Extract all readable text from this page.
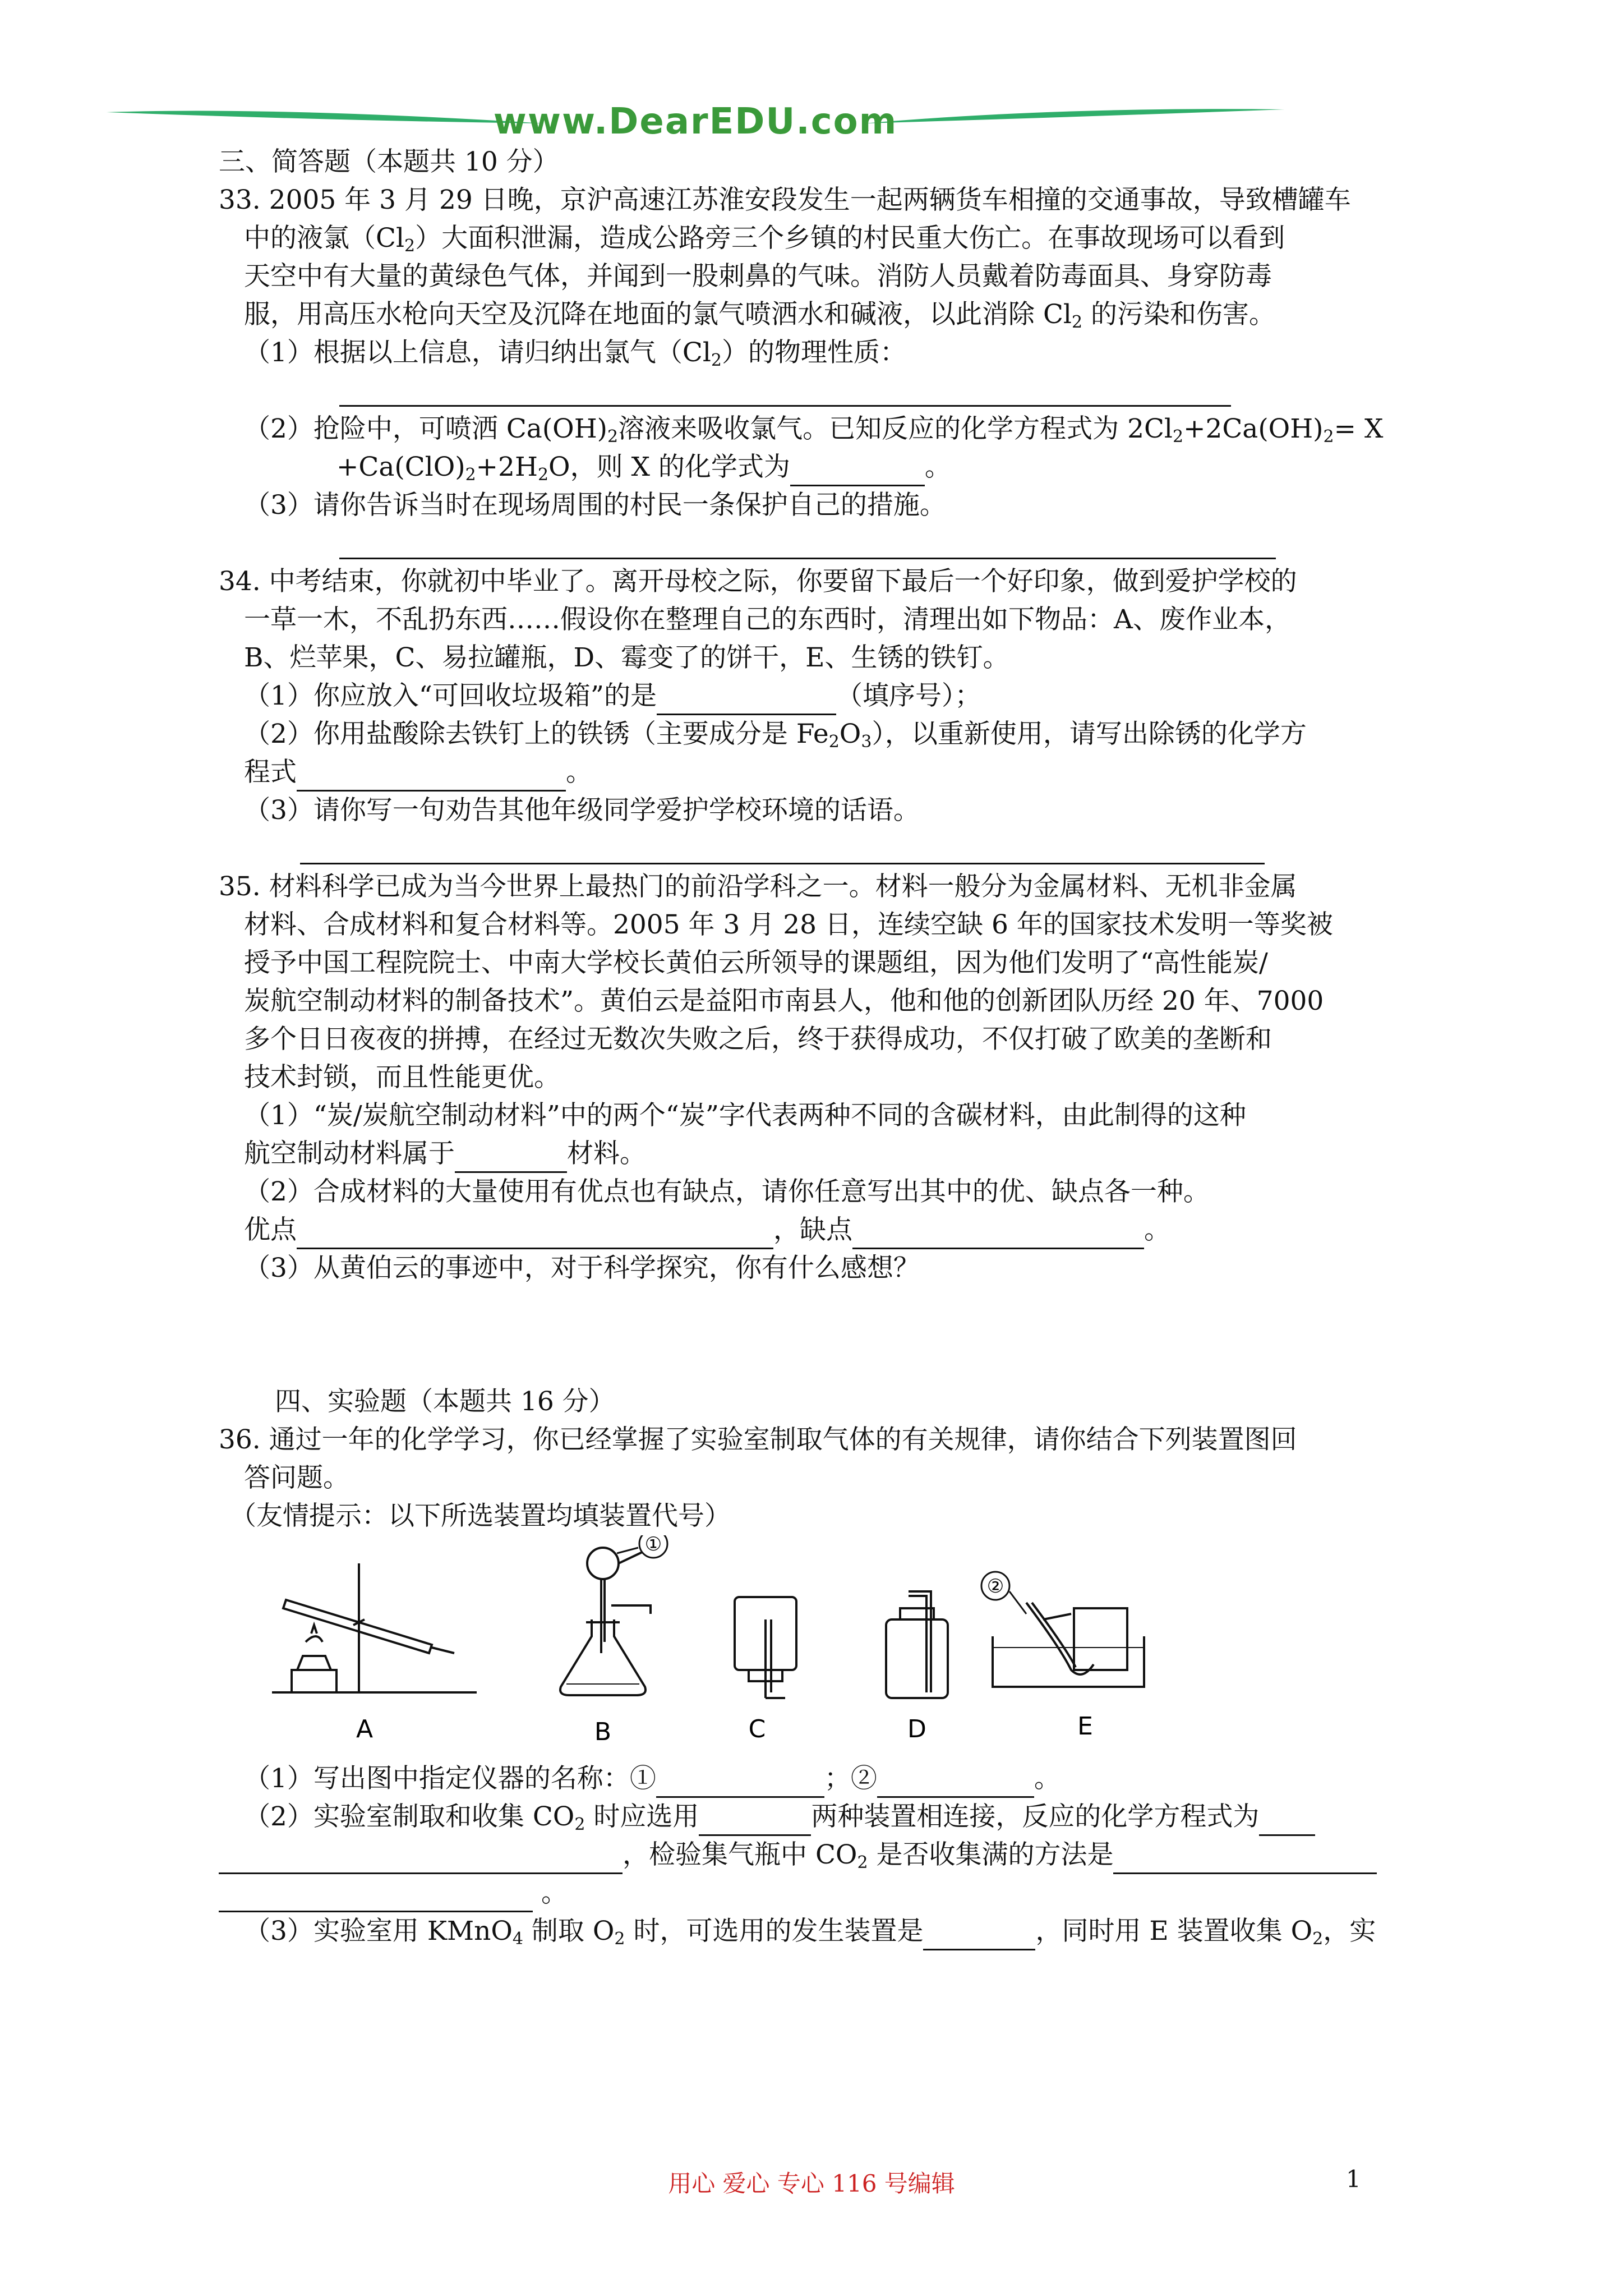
www.DearEDU.com
三、简答题（本题共 10 分）
33. 2005 年 3 月 29 日晚，京沪高速江苏淮安段发生一起两辆货车相撞的交通事故，导致槽罐车
中的液氯$(Cl_2)$大面积泄漏，造成公路旁三个乡镇的村民重大伤亡。在事故现场可以看到
天空中有大量的黄绿色气体，并闻到一股刺鼻的气味。消防人员戴着防毒面具、身穿防毒
服，用高压水枪向天空及沉降在地面的氯气喷洒水和碱液，以此消除 $Cl_2$ 的污染和伤害。
（1）根据以上信息，请归纳出氯气$(Cl_2)$的物理性质：
（2）抢险中，可喷洒 $Ca(OH)_2$溶液来吸收氯气。已知反应的化学方程式为 $2Cl_2+2Ca(OH)_2= X$
$+Ca(ClO)_2+2H_2O$，则 X 的化学式为	。
（3）请你告诉当时在现场周围的村民一条保护自己的措施。
34. 中考结束，你就初中毕业了。离开母校之际，你要留下最后一个好印象，做到爱护学校的
一草一木，不乱扔东西……假设你在整理自己的东西时，清理出如下物品：A、废作业本，
B、烂苹果，C、易拉罐瓶，D、霉变了的饼干，E、生锈的铁钉。
（1）你应放入“可回收垃圾箱”的是	（填序号）；
（2）你用盐酸除去铁钉上的铁锈（主要成分是 $Fe_2O_3$），以重新使用，请写出除锈的化学方
程式	。
（3）请你写一句劝告其他年级同学爱护学校环境的话语。
35. 材料科学已成为当今世界上最热门的前沿学科之一。材料一般分为金属材料、无机非金属
材料、合成材料和复合材料等。2005 年 3 月 28 日，连续空缺 6 年的国家技术发明一等奖被
授予中国工程院院士、中南大学校长黄伯云所领导的课题组，因为他们发明了“高性能炭/
炭航空制动材料的制备技术”。黄伯云是益阳市南县人，他和他的创新团队历经 20 年、7000
多个日日夜夜的拼搏，在经过无数次失败之后，终于获得成功，不仅打破了欧美的垄断和
技术封锁，而且性能更优。
（1）“炭/炭航空制动材料”中的两个“炭”字代表两种不同的含碳材料，由此制得的这种
航空制动材料属于	材料。
（2）合成材料的大量使用有优点也有缺点，请你任意写出其中的优、缺点各一种。
优点	，缺点	。
（3）从黄伯云的事迹中，对于科学探究，你有什么感想？
四、实验题（本题共 16 分）
36. 通过一年的化学学习，你已经掌握了实验室制取气体的有关规律，请你结合下列装置图回
答问题。
（友情提示：以下所选装置均填装置代号）
①
②
A	B	C	D	E
（1）写出图中指定仪器的名称：①	；②	。
（2）实验室制取和收集 $CO_2$ 时应选用	两种装置相连接，反应的化学方程式为
，检验集气瓶中 $CO_2$ 是否收集满的方法是
。
（3）实验室用 KMnO$_4$ 制取 $O_2$ 时，可选用的发生装置是	，同时用 E 装置收集 $O_2$，实
用心 爱心 专心 116 号编辑	1
